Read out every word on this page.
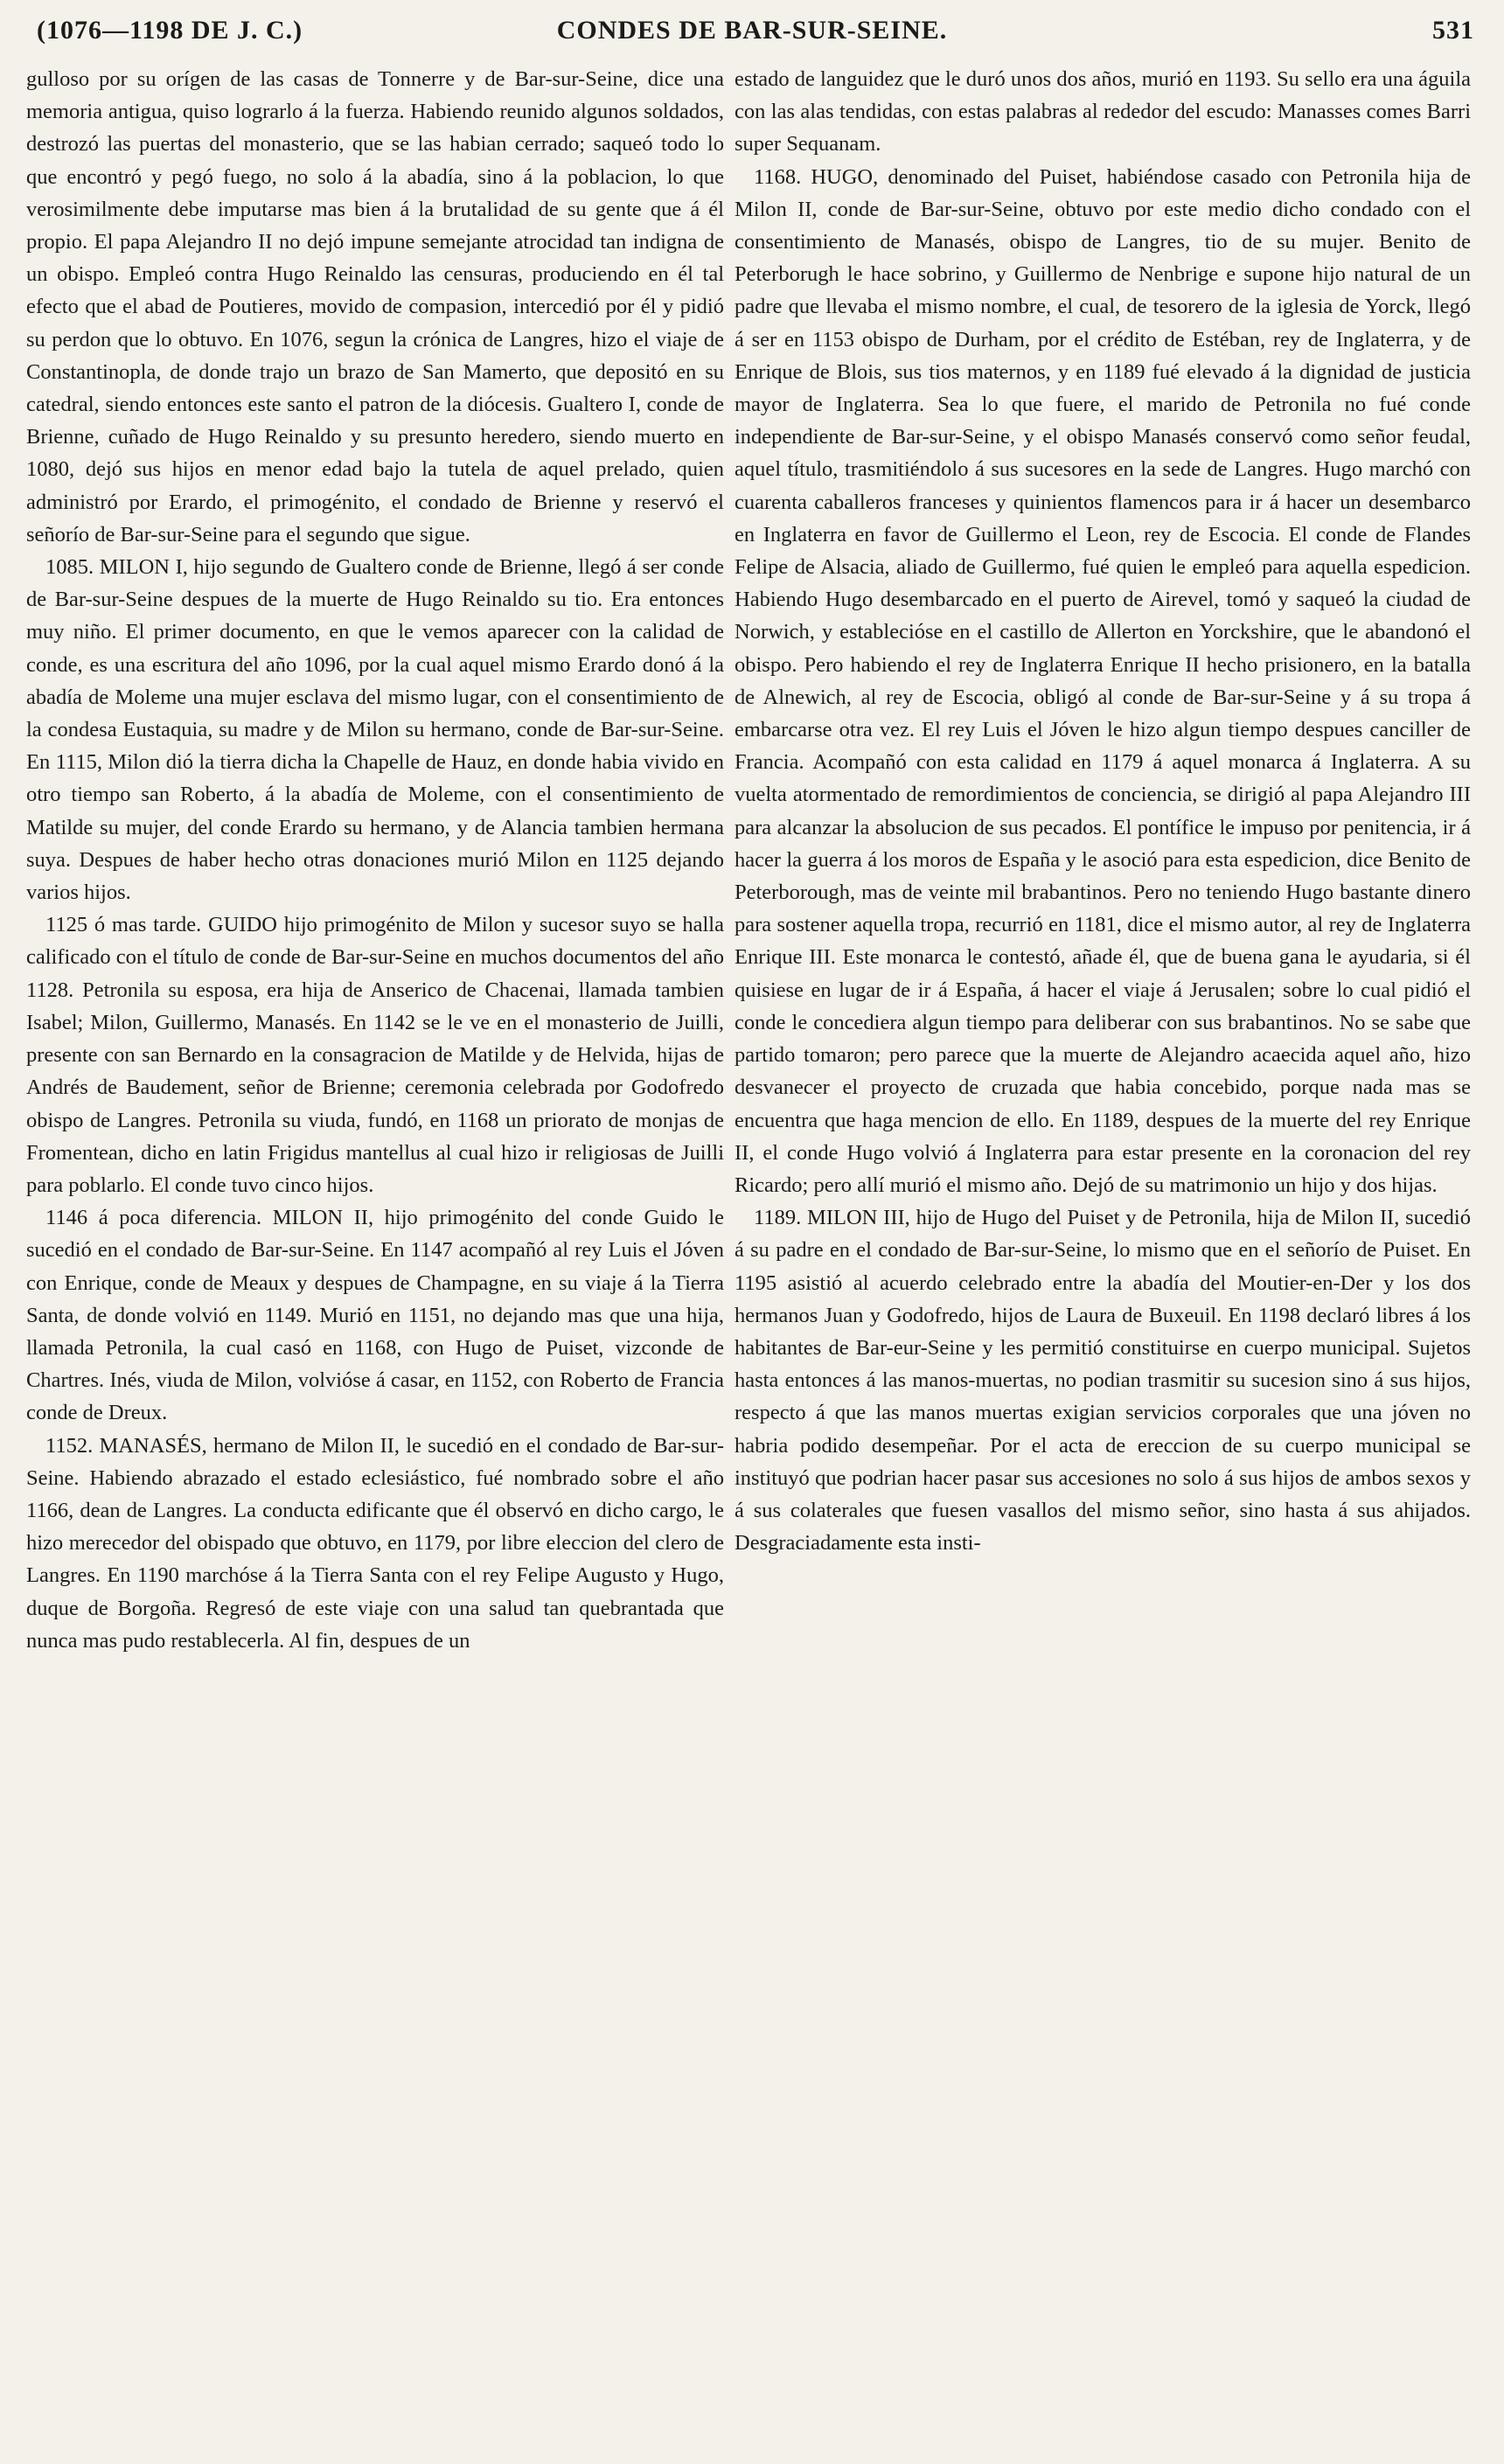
(1076—1198 DE J. C.)	CONDES DE BAR-SUR-SEINE.	531

gulloso por su orígen de las casas de Tonnerre y de Bar-sur-Seine, dice una memoria antigua, quiso lograrlo á la fuerza. Habiendo reunido algunos soldados, destrozó las puertas del monasterio, que se las habian cerrado; saqueó todo lo que encontró y pegó fuego, no solo á la abadía, sino á la poblacion, lo que verosimilmente debe imputarse mas bien á la brutalidad de su gente que á él propio. El papa Alejandro II no dejó impune semejante atrocidad tan indigna de un obispo. Empleó contra Hugo Reinaldo las censuras, produciendo en él tal efecto que el abad de Poutieres, movido de compasion, intercedió por él y pidió su perdon que lo obtuvo. En 1076, segun la crónica de Langres, hizo el viaje de Constantinopla, de donde trajo un brazo de San Mamerto, que depositó en su catedral, siendo entonces este santo el patron de la diócesis. Gualtero I, conde de Brienne, cuñado de Hugo Reinaldo y su presunto heredero, siendo muerto en 1080, dejó sus hijos en menor edad bajo la tutela de aquel prelado, quien administró por Erardo, el primogénito, el condado de Brienne y reservó el señorío de Bar-sur-Seine para el segundo que sigue.

1085. MILON I, hijo segundo de Gualtero conde de Brienne, llegó á ser conde de Bar-sur-Seine despues de la muerte de Hugo Reinaldo su tio. Era entonces muy niño. El primer documento, en que le vemos aparecer con la calidad de conde, es una escritura del año 1096, por la cual aquel mismo Erardo donó á la abadía de Moleme una mujer esclava del mismo lugar, con el consentimiento de la condesa Eustaquia, su madre y de Milon su hermano, conde de Bar-sur-Seine. En 1115, Milon dió la tierra dicha la Chapelle de Hauz, en donde habia vivido en otro tiempo san Roberto, á la abadía de Moleme, con el consentimiento de Matilde su mujer, del conde Erardo su hermano, y de Alancia tambien hermana suya. Despues de haber hecho otras donaciones murió Milon en 1125 dejando varios hijos.

1125 ó mas tarde. GUIDO hijo primogénito de Milon y sucesor suyo se halla calificado con el título de conde de Bar-sur-Seine en muchos documentos del año 1128. Petronila su esposa, era hija de Anserico de Chacenai, llamada tambien Isabel; Milon, Guillermo, Manasés. En 1142 se le ve en el monasterio de Juilli, presente con san Bernardo en la consagracion de Matilde y de Helvida, hijas de Andrés de Baudement, señor de Brienne; ceremonia celebrada por Godofredo obispo de Langres. Petronila su viuda, fundó, en 1168 un priorato de monjas de Fromentean, dicho en latin Frigidus mantellus al cual hizo ir religiosas de Juilli para poblarlo. El conde tuvo cinco hijos.

1146 á poca diferencia. MILON II, hijo primogénito del conde Guido le sucedió en el condado de Bar-sur-Seine. En 1147 acompañó al rey Luis el Jóven con Enrique, conde de Meaux y despues de Champagne, en su viaje á la Tierra Santa, de donde volvió en 1149. Murió en 1151, no dejando mas que una hija, llamada Petronila, la cual casó en 1168, con Hugo de Puiset, vizconde de Chartres. Inés, viuda de Milon, volvióse á casar, en 1152, con Roberto de Francia conde de Dreux.

1152. MANASÉS, hermano de Milon II, le sucedió en el condado de Bar-sur-Seine. Habiendo abrazado el estado eclesiástico, fué nombrado sobre el año 1166, dean de Langres. La conducta edificante que él observó en dicho cargo, le hizo merecedor del obispado que obtuvo, en 1179, por libre eleccion del clero de Langres. En 1190 marchóse á la Tierra Santa con el rey Felipe Augusto y Hugo, duque de Borgoña. Regresó de este viaje con una salud tan quebrantada que nunca mas pudo restablecerla. Al fin, despues de un

estado de languidez que le duró unos dos años, murió en 1193. Su sello era una águila con las alas tendidas, con estas palabras al rededor del escudo: Manasses comes Barri super Sequanam.

1168. HUGO, denominado del Puiset, habiéndose casado con Petronila hija de Milon II, conde de Bar-sur-Seine, obtuvo por este medio dicho condado con el consentimiento de Manasés, obispo de Langres, tio de su mujer. Benito de Peterborugh le hace sobrino, y Guillermo de Nenbrige e supone hijo natural de un padre que llevaba el mismo nombre, el cual, de tesorero de la iglesia de Yorck, llegó á ser en 1153 obispo de Durham, por el crédito de Estéban, rey de Inglaterra, y de Enrique de Blois, sus tios maternos, y en 1189 fué elevado á la dignidad de justicia mayor de Inglaterra. Sea lo que fuere, el marido de Petronila no fué conde independiente de Bar-sur-Seine, y el obispo Manasés conservó como señor feudal, aquel título, trasmitiéndolo á sus sucesores en la sede de Langres. Hugo marchó con cuarenta caballeros franceses y quinientos flamencos para ir á hacer un desembarco en Inglaterra en favor de Guillermo el Leon, rey de Escocia. El conde de Flandes Felipe de Alsacia, aliado de Guillermo, fué quien le empleó para aquella espedicion. Habiendo Hugo desembarcado en el puerto de Airevel, tomó y saqueó la ciudad de Norwich, y establecióse en el castillo de Allerton en Yorckshire, que le abandonó el obispo. Pero habiendo el rey de Inglaterra Enrique II hecho prisionero, en la batalla de Alnewich, al rey de Escocia, obligó al conde de Bar-sur-Seine y á su tropa á embarcarse otra vez. El rey Luis el Jóven le hizo algun tiempo despues canciller de Francia. Acompañó con esta calidad en 1179 á aquel monarca á Inglaterra. A su vuelta atormentado de remordimientos de conciencia, se dirigió al papa Alejandro III para alcanzar la absolucion de sus pecados. El pontífice le impuso por penitencia, ir á hacer la guerra á los moros de España y le asoció para esta espedicion, dice Benito de Peterborough, mas de veinte mil brabantinos. Pero no teniendo Hugo bastante dinero para sostener aquella tropa, recurrió en 1181, dice el mismo autor, al rey de Inglaterra Enrique III. Este monarca le contestó, añade él, que de buena gana le ayudaria, si él quisiese en lugar de ir á España, á hacer el viaje á Jerusalen; sobre lo cual pidió el conde le concediera algun tiempo para deliberar con sus brabantinos. No se sabe que partido tomaron; pero parece que la muerte de Alejandro acaecida aquel año, hizo desvanecer el proyecto de cruzada que habia concebido, porque nada mas se encuentra que haga mencion de ello. En 1189, despues de la muerte del rey Enrique II, el conde Hugo volvió á Inglaterra para estar presente en la coronacion del rey Ricardo; pero allí murió el mismo año. Dejó de su matrimonio un hijo y dos hijas.

1189. MILON III, hijo de Hugo del Puiset y de Petronila, hija de Milon II, sucedió á su padre en el condado de Bar-sur-Seine, lo mismo que en el señorío de Puiset. En 1195 asistió al acuerdo celebrado entre la abadía del Moutier-en-Der y los dos hermanos Juan y Godofredo, hijos de Laura de Buxeuil. En 1198 declaró libres á los habitantes de Bar-eur-Seine y les permitió constituirse en cuerpo municipal. Sujetos hasta entonces á las manos-muertas, no podian trasmitir su sucesion sino á sus hijos, respecto á que las manos muertas exigian servicios corporales que una jóven no habria podido desempeñar. Por el acta de ereccion de su cuerpo municipal se instituyó que podrian hacer pasar sus accesiones no solo á sus hijos de ambos sexos y á sus colaterales que fuesen vasallos del mismo señor, sino hasta á sus ahijados. Desgraciadamente esta insti-
